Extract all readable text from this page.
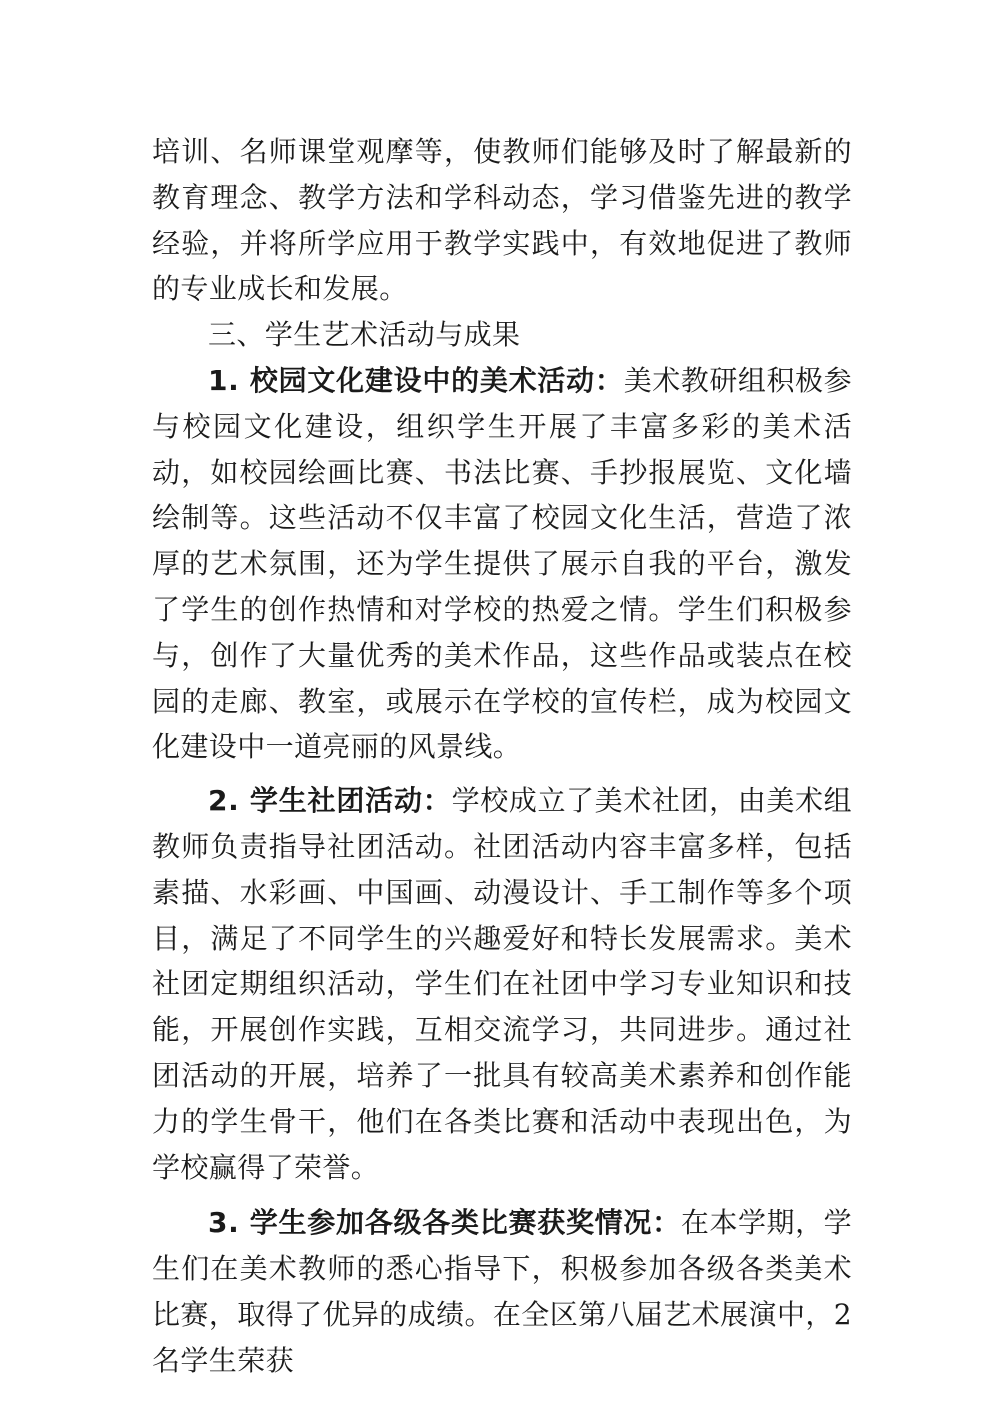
培训、名师课堂观摩等，使教师们能够及时了解最新的教育理念、教学方法和学科动态，学习借鉴先进的教学经验，并将所学应用于教学实践中，有效地促进了教师的专业成长和发展。

三、学生艺术活动与成果

1. 校园文化建设中的美术活动：美术教研组积极参与校园文化建设，组织学生开展了丰富多彩的美术活动，如校园绘画比赛、书法比赛、手抄报展览、文化墙绘制等。这些活动不仅丰富了校园文化生活，营造了浓厚的艺术氛围，还为学生提供了展示自我的平台，激发了学生的创作热情和对学校的热爱之情。学生们积极参与，创作了大量优秀的美术作品，这些作品或装点在校园的走廊、教室，或展示在学校的宣传栏，成为校园文化建设中一道亮丽的风景线。

2. 学生社团活动：学校成立了美术社团，由美术组教师负责指导社团活动。社团活动内容丰富多样，包括素描、水彩画、中国画、动漫设计、手工制作等多个项目，满足了不同学生的兴趣爱好和特长发展需求。美术社团定期组织活动，学生们在社团中学习专业知识和技能，开展创作实践，互相交流学习，共同进步。通过社团活动的开展，培养了一批具有较高美术素养和创作能力的学生骨干，他们在各类比赛和活动中表现出色，为学校赢得了荣誉。

3. 学生参加各级各类比赛获奖情况：在本学期，学生们在美术教师的悉心指导下，积极参加各级各类美术比赛，取得了优异的成绩。在全区第八届艺术展演中，2 名学生荣获
